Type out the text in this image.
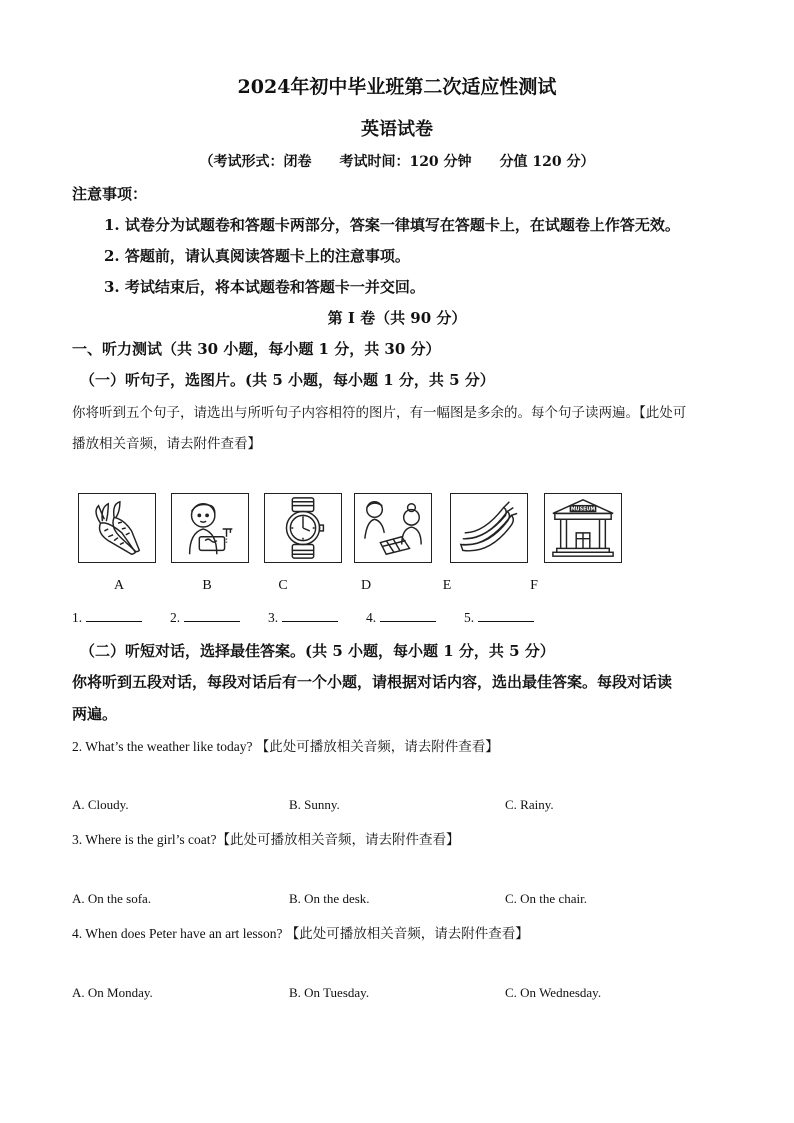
2024年初中毕业班第二次适应性测试
英语试卷
（考试形式：闭卷　　考试时间：120 分钟　　分值 120 分）
注意事项：
1. 试卷分为试题卷和答题卡两部分，答案一律填写在答题卡上，在试题卷上作答无效。
2. 答题前，请认真阅读答题卡上的注意事项。
3. 考试结束后，将本试题卷和答题卡一并交回。
第 I 卷（共 90 分）
一、听力测试（共 30 小题，每小题 1 分，共 30 分）
（一）听句子，选图片。(共 5 小题，每小题 1 分，共 5 分）
你将听到五个句子，请选出与所听句子内容相符的图片，有一幅图是多余的。每个句子读两遍。【此处可
播放相关音频，请去附件查看】
MUSEUM
A	B	C	D	E	F
1.	2.	3.	4.	5.
（二）听短对话，选择最佳答案。(共 5 小题，每小题 1 分，共 5 分）
你将听到五段对话，每段对话后有一个小题，请根据对话内容，选出最佳答案。每段对话读
两遍。
2. What’s the weather like today? 【此处可播放相关音频，请去附件查看】
A. Cloudy.	B. Sunny.	C. Rainy.
3. Where is the girl’s coat?【此处可播放相关音频，请去附件查看】
A. On the sofa.	B. On the desk.	C. On the chair.
4. When does Peter have an art lesson? 【此处可播放相关音频，请去附件查看】
A. On Monday.	B. On Tuesday.	C. On Wednesday.
